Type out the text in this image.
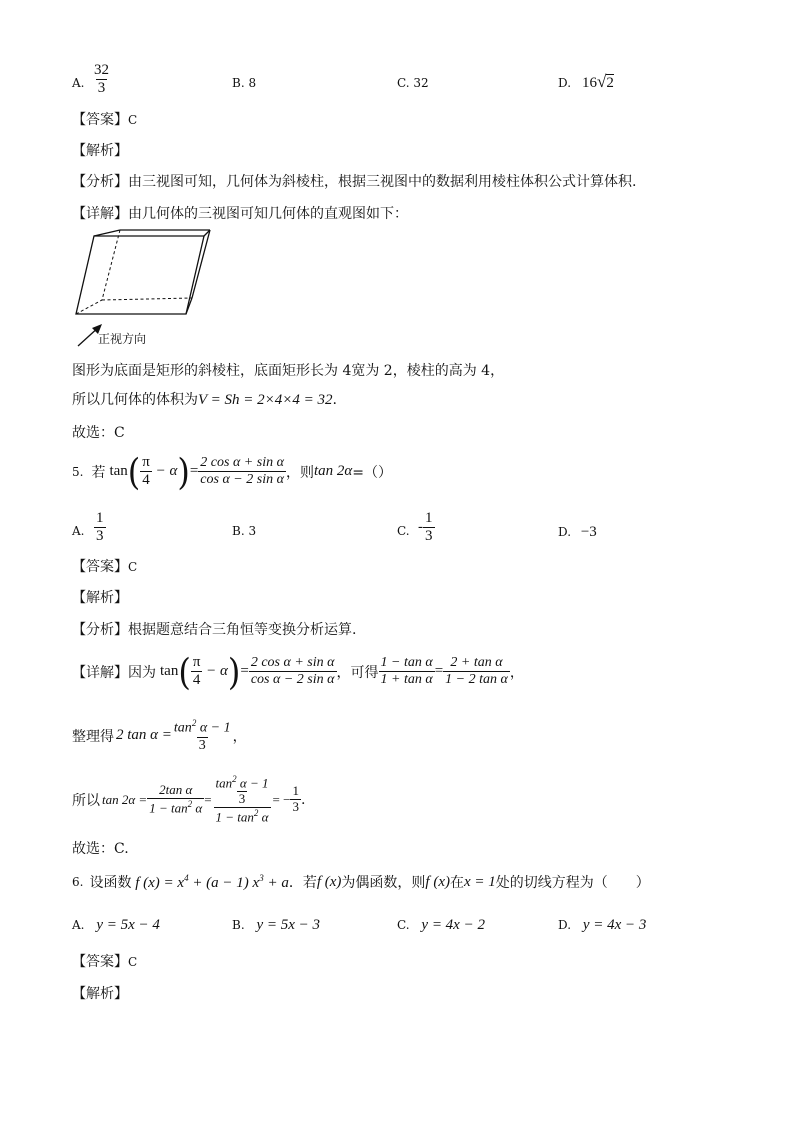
A. $\frac{32}{3}$	B. 8	C. 32	D. 16√2
【答案】C
【解析】
【分析】由三视图可知，几何体为斜棱柱，根据三视图中的数据利用棱柱体积公式计算体积.
【详解】由几何体的三视图可知几何体的直观图如下：
正视方向
图形为底面是矩形的斜棱柱，底面矩形长为 4宽为 2，棱柱的高为 4，
所以几何体的体积为V = Sh = 2×4×4 = 32.
故选：C
5. 若 tan ( $\frac{\pi}{4} - \alpha$ ) = $\frac{\text{2 cos α + sin α}}{\text{cos α − 2 sin α}}$ ，则 tan 2α =（）
A. $\frac{1}{3}$	B. 3	C. - $\frac{1}{3}$	D. −3
【答案】C
【解析】
【分析】根据题意结合三角恒等变换分析运算.
【详解】 因为 tan ( $\frac{\pi}{4} - \alpha$ ) = $\frac{\text{2 cos α + sin α}}{\text{cos α − 2 sin α}}$ ，可得 $\frac{\text{1 − tan α}}{\text{1 + tan α}} = \frac{\text{2 + tan α}}{\text{1 − 2 tan α}}$ ，
整理得 2 $\tan \alpha = \frac{\tan^2 \alpha - 1}{3}$ ，
所以 $\tan 2\alpha = \frac{\text{2tan α}}{1 - \tan^2 \alpha} = \frac{\frac{\tan^2 \alpha - 1}{3}}{1 - \tan^2 \alpha}$ = − $\frac{1}{3}$ .
故选：C.
6. 设函数 f $(x) = x^4 + (a - 1) x^3 + a$ ．若 f (x) 为偶函数，则 f (x) 在 x = 1 处的切线方程为（　　）
A. y = 5x − 4	B. y = 5x − 3	C. y = 4x − 2	D. y = 4x − 3
【答案】C
【解析】
